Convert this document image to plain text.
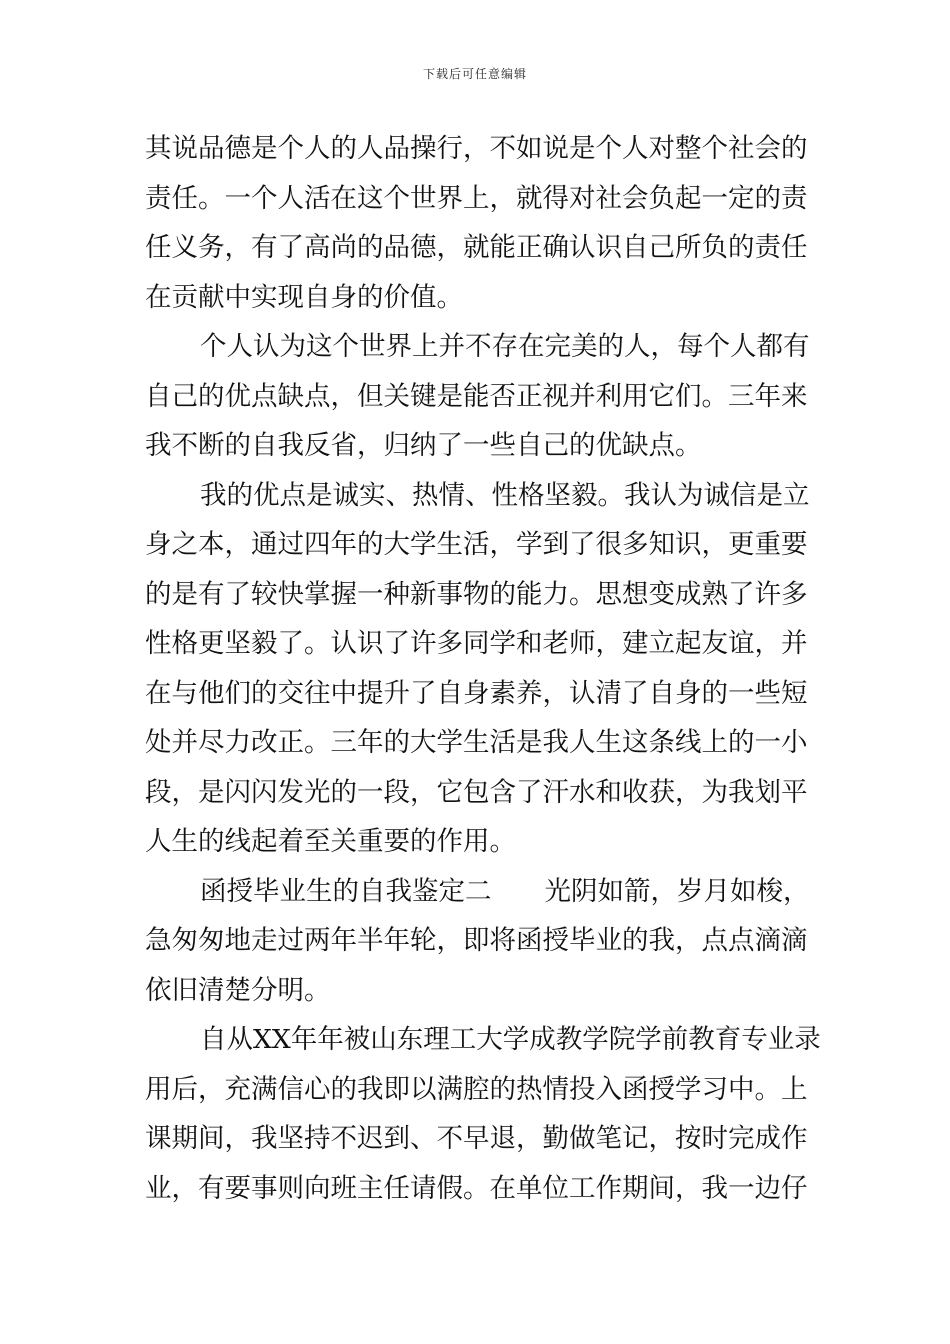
下载后可任意编辑
其说品德是个人的人品操行，不如说是个人对整个社会的
责任。一个人活在这个世界上，就得对社会负起一定的责
任义务，有了高尚的品德，就能正确认识自己所负的责任
在贡献中实现自身的价值。
个人认为这个世界上并不存在完美的人，每个人都有
自己的优点缺点，但关键是能否正视并利用它们。三年来
我不断的自我反省，归纳了一些自己的优缺点。
我的优点是诚实、热情、性格坚毅。我认为诚信是立
身之本，通过四年的大学生活，学到了很多知识，更重要
的是有了较快掌握一种新事物的能力。思想变成熟了许多
性格更坚毅了。认识了许多同学和老师，建立起友谊，并
在与他们的交往中提升了自身素养，认清了自身的一些短
处并尽力改正。三年的大学生活是我人生这条线上的一小
段，是闪闪发光的一段，它包含了汗水和收获，为我划平
人生的线起着至关重要的作用。
函授毕业生的自我鉴定二　　光阴如箭，岁月如梭，
急匆匆地走过两年半年轮，即将函授毕业的我，点点滴滴
依旧清楚分明。
自从XX年年被山东理工大学成教学院学前教育专业录
用后，充满信心的我即以满腔的热情投入函授学习中。上
课期间，我坚持不迟到、不早退，勤做笔记，按时完成作
业，有要事则向班主任请假。在单位工作期间，我一边仔
